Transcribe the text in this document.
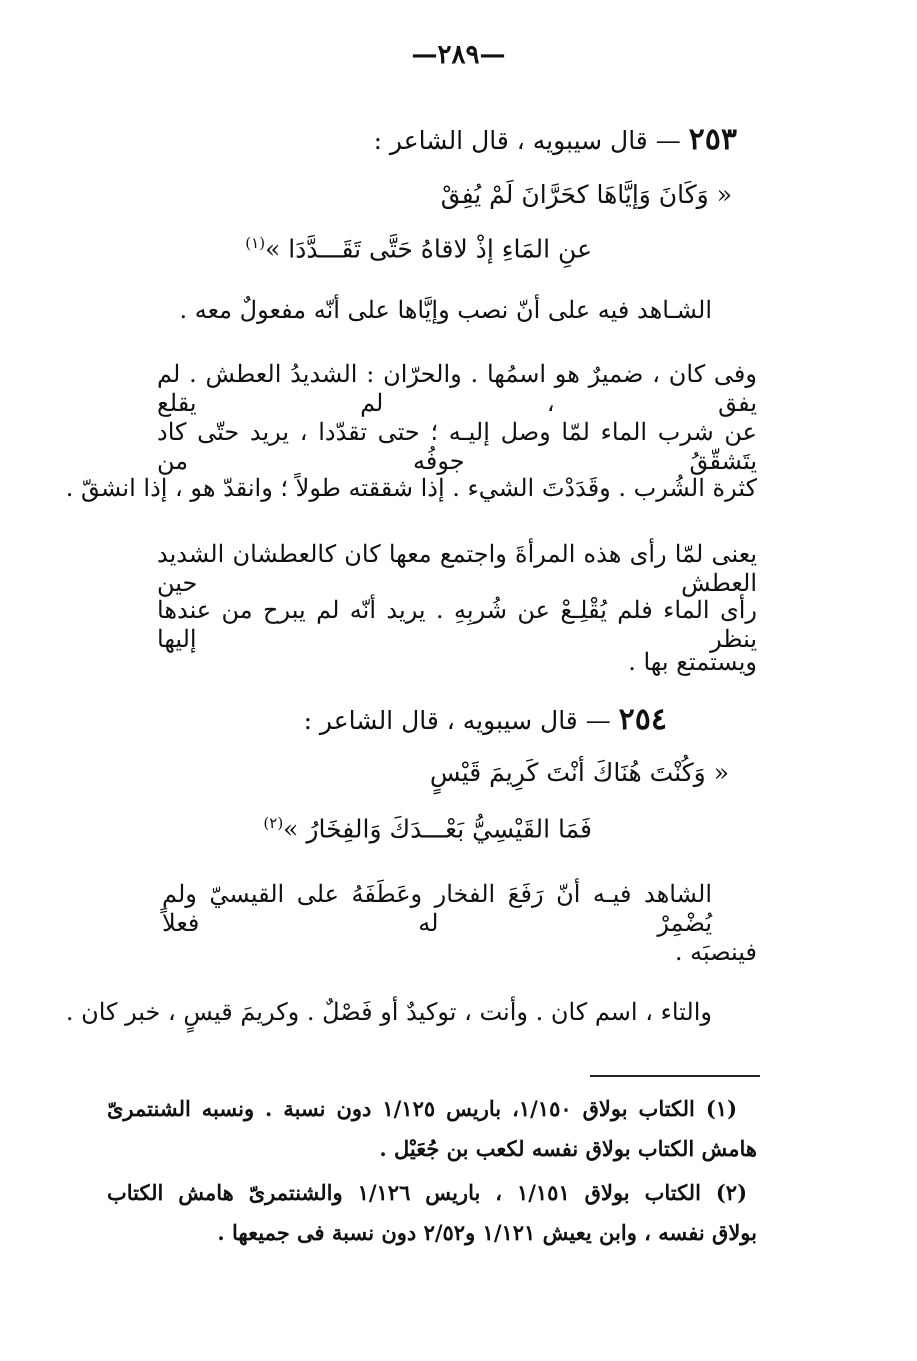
—٢٨٩—
٢٥٣ — قال سيبويه ، قال الشاعر :
« وَكَانَ وَإيَّاهَا كحَرَّانَ لَمْ يُفِقْ
عنِ المَاءِ إذْ لاقاهُ حَتَّى تَقَـــدَّدَا »$^{(١)}$
الشـاهد فيه على أنّ نصب وإيَّاها على أنّه مفعولٌ معه .
وفى كان ، ضميرٌ هو اسمُها . والحرّان : الشديدُ العطش . لم يفق ، لم يقلع
عن شرب الماء لمّا وصل إليـه ؛ حتى تقدّدا ، يريد حتّى كاد يتَشقّقُ جوفُه من
كثرة الشُرب . وقَدَدْتَ الشيء . إذا شققته طولاً ؛ وانقدّ هو ، إذا انشقّ .
يعنى لمّا رأى هذه المرأةَ واجتمع معها كان كالعطشان الشديد العطش حين
رأى الماء فلم يُقْلِـعْ عن شُربِهِ . يريد أنّه لم يبرح من عندها ينظر إليها
ويستمتع بها .
٢٥٤ — قال سيبويه ، قال الشاعر :
« وَكُنْتَ هُنَاكَ أنْتَ كَرِيمَ قَيْسٍ
فَمَا القَيْسِيُّ بَعْـــدَكَ وَالفِخَارُ »$^{(٢)}$
الشاهد فيـه أنّ رَفَعَ الفخار وعَطَفَهُ على القيسيّ ولم يُضْمِرْ له فعلاً
فينصبَه .
والتاء ، اسم كان . وأنت ، توكيدٌ أو فَصْلٌ . وكريمَ قيسٍ ، خبر كان .
(١) الكتاب بولاق ١/١٥٠، باريس ١/١٢٥ دون نسبة . ونسبه الشنتمرىّ
هامش الكتاب بولاق نفسه لكعب بن جُعَيْل .
(٢) الكتاب بولاق ١/١٥١ ، باريس ١/١٢٦ والشنتمرىّ هامش الكتاب
بولاق نفسه ، وابن يعيش ١/١٢١ و٢/٥٢ دون نسبة فى جميعها .
